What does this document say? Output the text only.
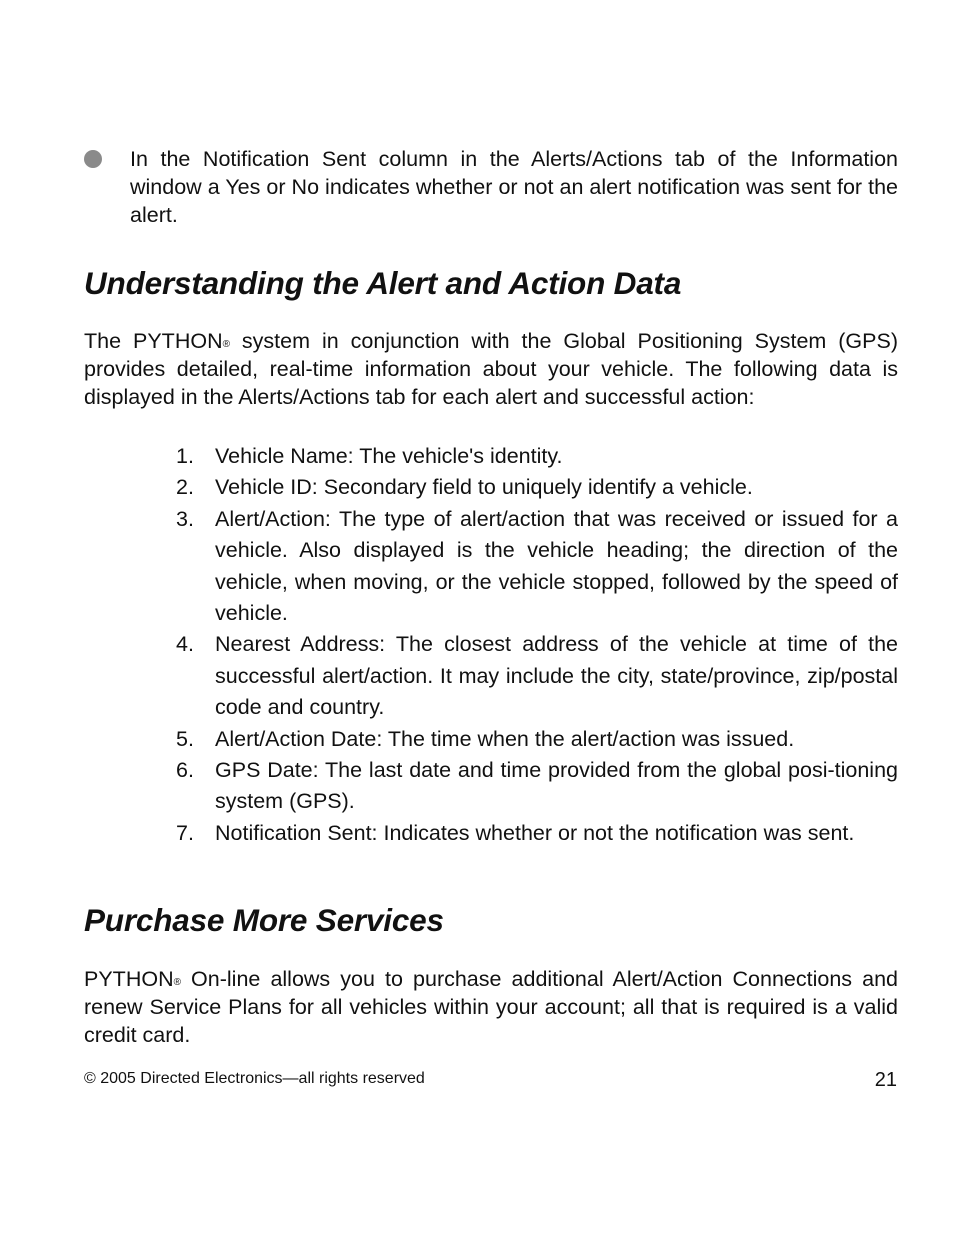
In the Notification Sent column in the Alerts/Actions tab of the Information window a Yes or No indicates whether or not an alert notification was sent for the alert.
Understanding the Alert and Action Data

The PYTHON® system in conjunction with the Global Positioning System (GPS) provides detailed, real-time information about your vehicle. The following data is displayed in the Alerts/Actions tab for each alert and successful action:

1. Vehicle Name: The vehicle's identity.
2. Vehicle ID: Secondary field to uniquely identify a vehicle.
3. Alert/Action: The type of alert/action that was received or issued for a vehicle. Also displayed is the vehicle heading; the direction of the vehicle, when moving, or the vehicle stopped, followed by the speed of vehicle.
4. Nearest Address: The closest address of the vehicle at time of the successful alert/action. It may include the city, state/province, zip/postal code and country.
5. Alert/Action Date: The time when the alert/action was issued.
6. GPS Date: The last date and time provided from the global posi-tioning system (GPS).
7. Notification Sent: Indicates whether or not the notification was sent.
Purchase More Services

PYTHON® On-line allows you to purchase additional Alert/Action Connections and renew Service Plans for all vehicles within your account; all that is required is a valid credit card.

© 2005 Directed Electronics—all rights reserved	21
